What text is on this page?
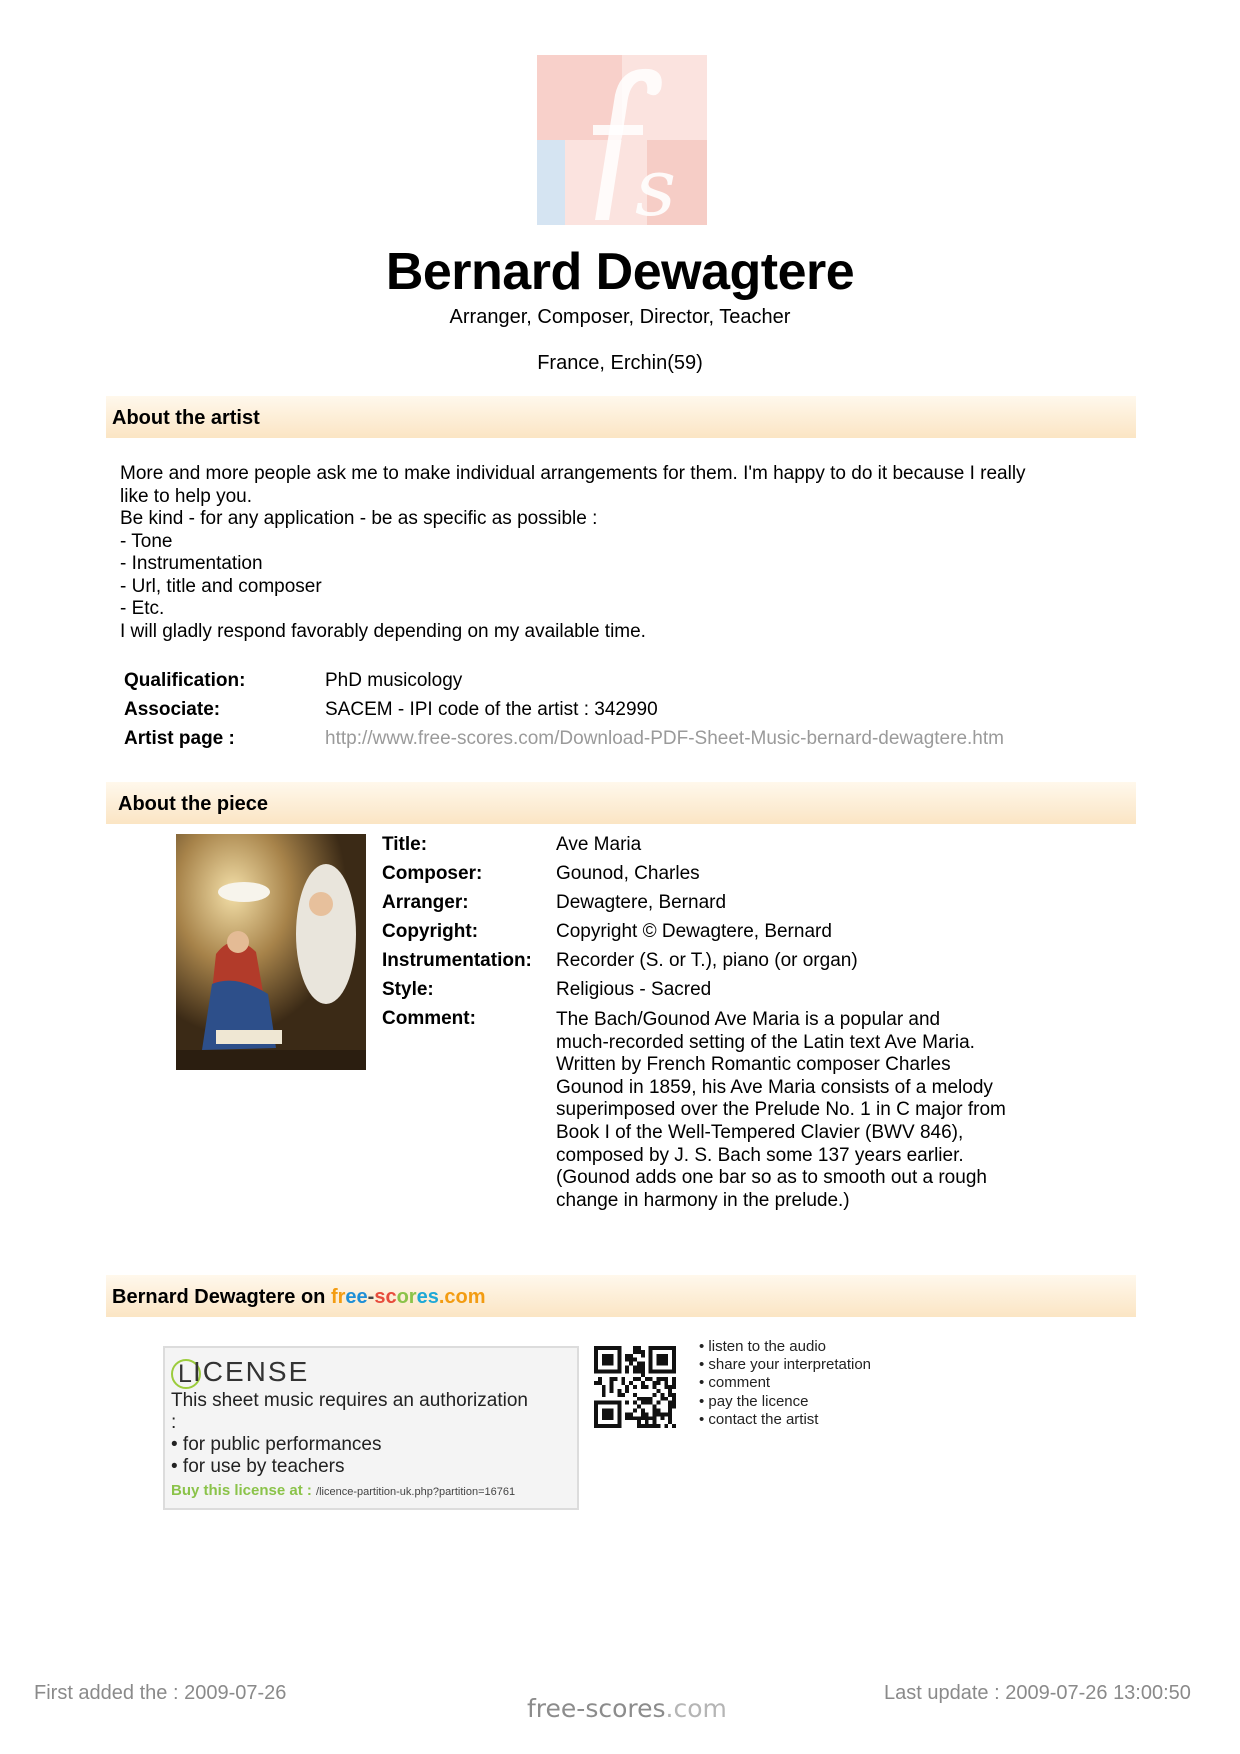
s
Bernard Dewagtere
Arranger, Composer, Director, Teacher
France, Erchin(59)
About the artist
More and more people ask me to make individual arrangements for them. I'm happy to do it because I really
like to help you.
Be kind - for any application - be as specific as possible :
- Tone
- Instrumentation
- Url, title and composer
- Etc.
I will gladly respond favorably depending on my available time.
Qualification:	PhD musicology
Associate:	SACEM - IPI code of the artist : 342990
Artist page :	http://www.free-scores.com/Download-PDF-Sheet-Music-bernard-dewagtere.htm
About the piece
Title:	Ave Maria
Composer:	Gounod, Charles
Arranger:	Dewagtere, Bernard
Copyright:	Copyright © Dewagtere, Bernard
Instrumentation: Recorder (S. or T.), piano (or organ)
Style:	Religious - Sacred
Comment:	The Bach/Gounod Ave Maria is a popular and
much-recorded setting of the Latin text Ave Maria.
Written by French Romantic composer Charles
Gounod in 1859, his Ave Maria consists of a melody
superimposed over the Prelude No. 1 in C major from
Book I of the Well-Tempered Clavier (BWV 846),
composed by J. S. Bach some 137 years earlier.
(Gounod adds one bar so as to smooth out a rough
change in harmony in the prelude.)
Bernard Dewagtere on free-scores.com
LICENSE
This sheet music requires an authorization
:
• for public performances
• for use by teachers
Buy this license at : /licence-partition-uk.php?partition=16761
• listen to the audio
• share your interpretation
• comment
• pay the licence
• contact the artist
First added the : 2009-07-26	Last update : 2009-07-26 13:00:50
free-scores.com
